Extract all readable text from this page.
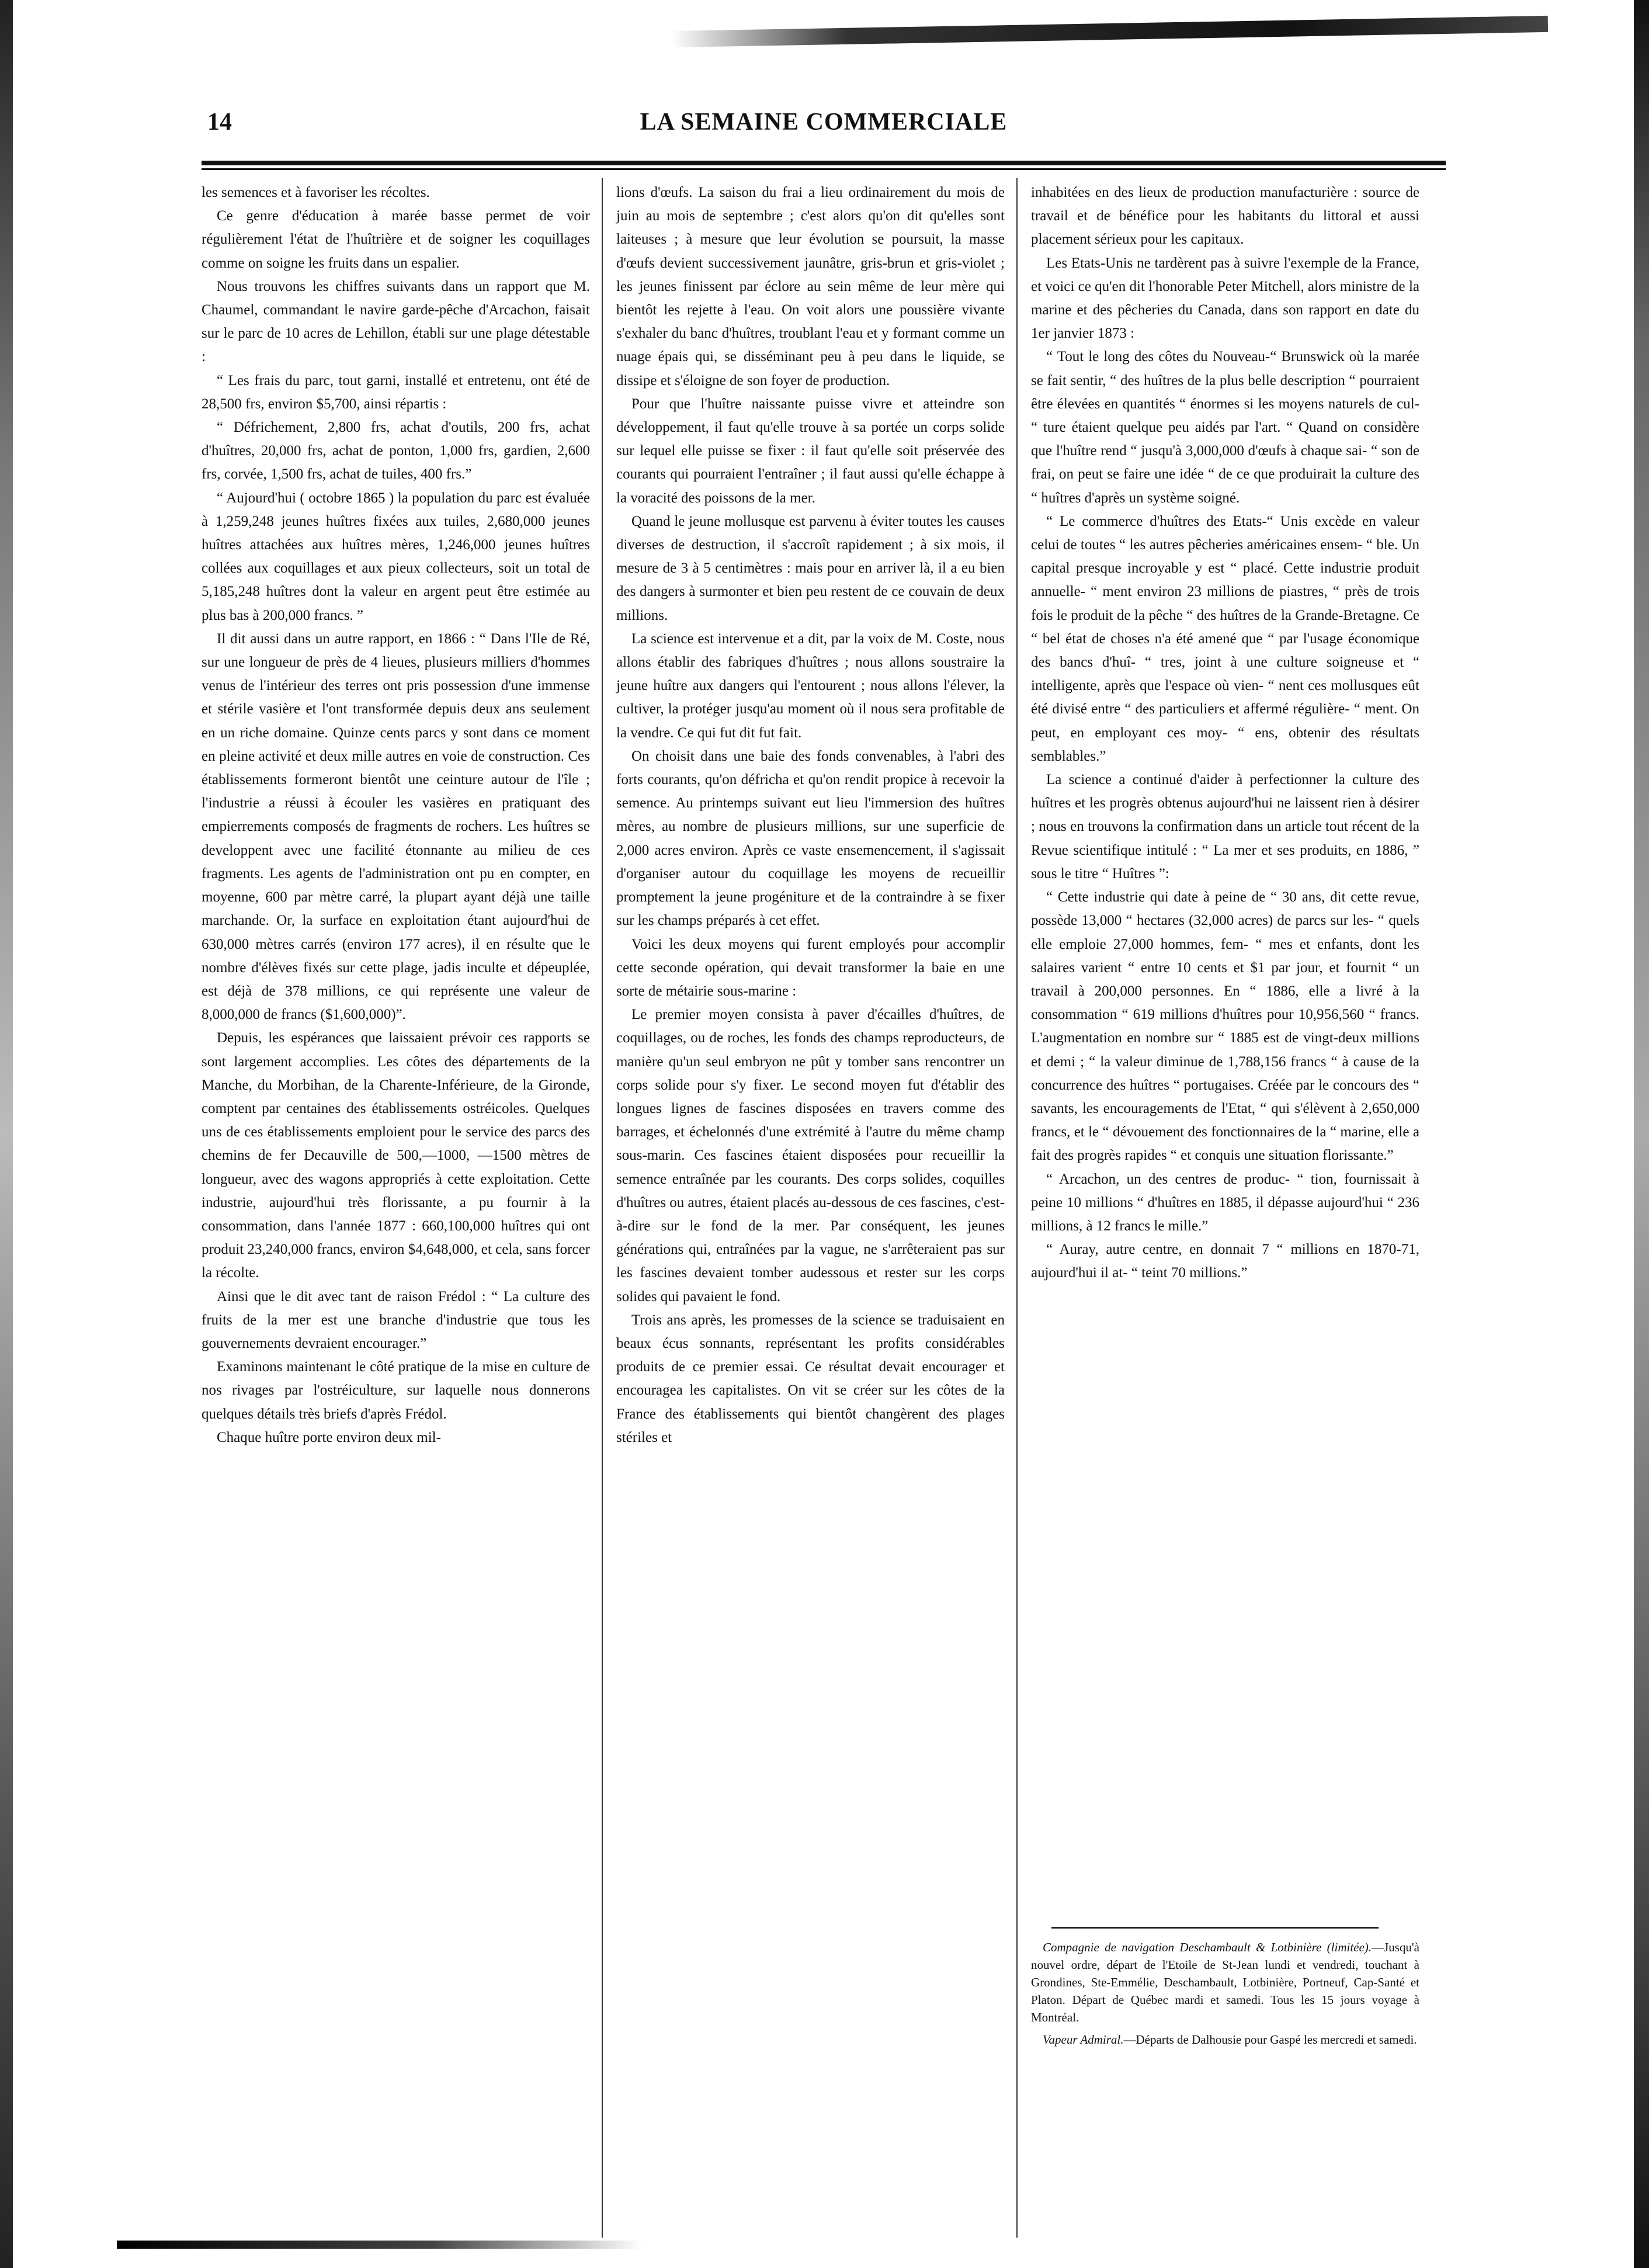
14	LA SEMAINE COMMERCIALE

les semences et à favoriser les récoltes.

Ce genre d'éducation à marée basse permet de voir régulièrement l'état de l'huîtrière et de soigner les coquillages comme on soigne les fruits dans un espalier.

Nous trouvons les chiffres suivants dans un rapport que M. Chaumel, commandant le navire garde-pêche d'Arcachon, faisait sur le parc de 10 acres de Lehillon, établi sur une plage détestable :

“ Les frais du parc, tout garni, installé et entretenu, ont été de 28,500 frs, environ $5,700, ainsi répartis :

“ Défrichement, 2,800 frs, achat d'outils, 200 frs, achat d'huîtres, 20,000 frs, achat de ponton, 1,000 frs, gardien, 2,600 frs, corvée, 1,500 frs, achat de tuiles, 400 frs.”

“ Aujourd'hui ( octobre 1865 ) la population du parc est évaluée à 1,259,248 jeunes huîtres fixées aux tuiles, 2,680,000 jeunes huîtres attachées aux huîtres mères, 1,246,000 jeunes huîtres collées aux coquillages et aux pieux collecteurs, soit un total de 5,185,248 huîtres dont la valeur en argent peut être estimée au plus bas à 200,000 francs. ”

Il dit aussi dans un autre rapport, en 1866 : “ Dans l'Ile de Ré, sur une longueur de près de 4 lieues, plusieurs milliers d'hommes venus de l'intérieur des terres ont pris possession d'une immense et stérile vasière et l'ont transformée depuis deux ans seulement en un riche domaine. Quinze cents parcs y sont dans ce moment en pleine activité et deux mille autres en voie de construction. Ces établissements formeront bientôt une ceinture autour de l'île ; l'industrie a réussi à écouler les vasières en pratiquant des empierrements composés de fragments de rochers. Les huîtres se developpent avec une facilité étonnante au milieu de ces fragments. Les agents de l'administration ont pu en compter, en moyenne, 600 par mètre carré, la plupart ayant déjà une taille marchande. Or, la surface en exploitation étant aujourd'hui de 630,000 mètres carrés (environ 177 acres), il en résulte que le nombre d'élèves fixés sur cette plage, jadis inculte et dépeuplée, est déjà de 378 millions, ce qui représente une valeur de 8,000,000 de francs ($1,600,000)”.

Depuis, les espérances que laissaient prévoir ces rapports se sont largement accomplies. Les côtes des départements de la Manche, du Morbihan, de la Charente-Inférieure, de la Gironde, comptent par centaines des établissements ostréicoles. Quelques uns de ces établissements emploient pour le service des parcs des chemins de fer Decauville de 500,—1000, —1500 mètres de longueur, avec des wagons appropriés à cette exploitation. Cette industrie, aujourd'hui très florissante, a pu fournir à la consommation, dans l'année 1877 : 660,100,000 huîtres qui ont produit 23,240,000 francs, environ $4,648,000, et cela, sans forcer la récolte.

Ainsi que le dit avec tant de raison Frédol : “ La culture des fruits de la mer est une branche d'industrie que tous les gouvernements devraient encourager.”

Examinons maintenant le côté pratique de la mise en culture de nos rivages par l'ostréiculture, sur laquelle nous donnerons quelques détails très briefs d'après Frédol.

Chaque huître porte environ deux mil-

lions d'œufs. La saison du frai a lieu ordinairement du mois de juin au mois de septembre ; c'est alors qu'on dit qu'elles sont laiteuses ; à mesure que leur évolution se poursuit, la masse d'œufs devient successivement jaunâtre, gris-brun et gris-violet ; les jeunes finissent par éclore au sein même de leur mère qui bientôt les rejette à l'eau. On voit alors une poussière vivante s'exhaler du banc d'huîtres, troublant l'eau et y formant comme un nuage épais qui, se disséminant peu à peu dans le liquide, se dissipe et s'éloigne de son foyer de production.

Pour que l'huître naissante puisse vivre et atteindre son développement, il faut qu'elle trouve à sa portée un corps solide sur lequel elle puisse se fixer : il faut qu'elle soit préservée des courants qui pourraient l'entraîner ; il faut aussi qu'elle échappe à la voracité des poissons de la mer.

Quand le jeune mollusque est parvenu à éviter toutes les causes diverses de destruction, il s'accroît rapidement ; à six mois, il mesure de 3 à 5 centimètres : mais pour en arriver là, il a eu bien des dangers à surmonter et bien peu restent de ce couvain de deux millions.

La science est intervenue et a dit, par la voix de M. Coste, nous allons établir des fabriques d'huîtres ; nous allons soustraire la jeune huître aux dangers qui l'entourent ; nous allons l'élever, la cultiver, la protéger jusqu'au moment où il nous sera profitable de la vendre. Ce qui fut dit fut fait.

On choisit dans une baie des fonds convenables, à l'abri des forts courants, qu'on défricha et qu'on rendit propice à recevoir la semence. Au printemps suivant eut lieu l'immersion des huîtres mères, au nombre de plusieurs millions, sur une superficie de 2,000 acres environ. Après ce vaste ensemencement, il s'agissait d'organiser autour du coquillage les moyens de recueillir promptement la jeune progéniture et de la contraindre à se fixer sur les champs préparés à cet effet.

Voici les deux moyens qui furent employés pour accomplir cette seconde opération, qui devait transformer la baie en une sorte de métairie sous-marine :

Le premier moyen consista à paver d'écailles d'huîtres, de coquillages, ou de roches, les fonds des champs reproducteurs, de manière qu'un seul embryon ne pût y tomber sans rencontrer un corps solide pour s'y fixer. Le second moyen fut d'établir des longues lignes de fascines disposées en travers comme des barrages, et échelonnés d'une extrémité à l'autre du même champ sous-marin. Ces fascines étaient disposées pour recueillir la semence entraînée par les courants. Des corps solides, coquilles d'huîtres ou autres, étaient placés au-dessous de ces fascines, c'est-à-dire sur le fond de la mer. Par conséquent, les jeunes générations qui, entraînées par la vague, ne s'arrêteraient pas sur les fascines devaient tomber audessous et rester sur les corps solides qui pavaient le fond.

Trois ans après, les promesses de la science se traduisaient en beaux écus sonnants, représentant les profits considérables produits de ce premier essai. Ce résultat devait encourager et encouragea les capitalistes. On vit se créer sur les côtes de la France des établissements qui bientôt changèrent des plages stériles et

inhabitées en des lieux de production manufacturière : source de travail et de bénéfice pour les habitants du littoral et aussi placement sérieux pour les capitaux.

Les Etats-Unis ne tardèrent pas à suivre l'exemple de la France, et voici ce qu'en dit l'honorable Peter Mitchell, alors ministre de la marine et des pêcheries du Canada, dans son rapport en date du 1er janvier 1873 :

“ Tout le long des côtes du Nouveau-“ Brunswick où la marée se fait sentir, “ des huîtres de la plus belle description “ pourraient être élevées en quantités “ énormes si les moyens naturels de cul- “ ture étaient quelque peu aidés par l'art. “ Quand on considère que l'huître rend “ jusqu'à 3,000,000 d'œufs à chaque sai- “ son de frai, on peut se faire une idée “ de ce que produirait la culture des “ huîtres d'après un système soigné.

“ Le commerce d'huîtres des Etats-“ Unis excède en valeur celui de toutes “ les autres pêcheries américaines ensem- “ ble. Un capital presque incroyable y est “ placé. Cette industrie produit annuelle- “ ment environ 23 millions de piastres, “ près de trois fois le produit de la pêche “ des huîtres de la Grande-Bretagne. Ce “ bel état de choses n'a été amené que “ par l'usage économique des bancs d'huî- “ tres, joint à une culture soigneuse et “ intelligente, après que l'espace où vien- “ nent ces mollusques eût été divisé entre “ des particuliers et affermé régulière- “ ment. On peut, en employant ces moy- “ ens, obtenir des résultats semblables.”

La science a continué d'aider à perfectionner la culture des huîtres et les progrès obtenus aujourd'hui ne laissent rien à désirer ; nous en trouvons la confirmation dans un article tout récent de la Revue scientifique intitulé : “ La mer et ses produits, en 1886, ” sous le titre “ Huîtres ”:

“ Cette industrie qui date à peine de “ 30 ans, dit cette revue, possède 13,000 “ hectares (32,000 acres) de parcs sur les- “ quels elle emploie 27,000 hommes, fem- “ mes et enfants, dont les salaires varient “ entre 10 cents et $1 par jour, et fournit “ un travail à 200,000 personnes. En “ 1886, elle a livré à la consommation “ 619 millions d'huîtres pour 10,956,560 “ francs. L'augmentation en nombre sur “ 1885 est de vingt-deux millions et demi ; “ la valeur diminue de 1,788,156 francs “ à cause de la concurrence des huîtres “ portugaises. Créée par le concours des “ savants, les encouragements de l'Etat, “ qui s'élèvent à 2,650,000 francs, et le “ dévouement des fonctionnaires de la “ marine, elle a fait des progrès rapides “ et conquis une situation florissante.”

“ Arcachon, un des centres de produc- “ tion, fournissait à peine 10 millions “ d'huîtres en 1885, il dépasse aujourd'hui “ 236 millions, à 12 francs le mille.”

“ Auray, autre centre, en donnait 7 “ millions en 1870-71, aujourd'hui il at- “ teint 70 millions.”

Compagnie de navigation Deschambault & Lotbinière (limitée).—Jusqu'à nouvel ordre, départ de l'Etoile de St-Jean lundi et vendredi, touchant à Grondines, Ste-Emmélie, Deschambault, Lotbinière, Portneuf, Cap-Santé et Platon. Départ de Québec mardi et samedi. Tous les 15 jours voyage à Montréal.

Vapeur Admiral.—Départs de Dalhousie pour Gaspé les mercredi et samedi.
